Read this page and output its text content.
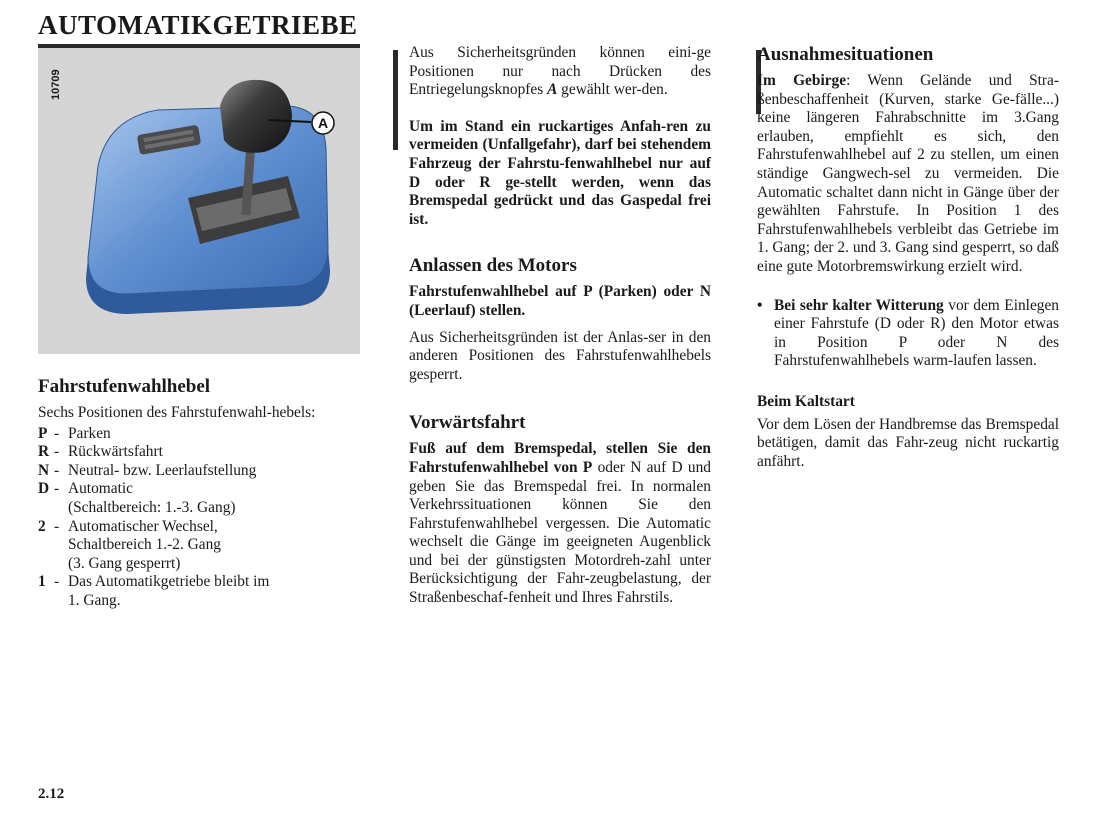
AUTOMATIKGETRIEBE
A
10709

Fahrstufenwahlhebel

Sechs Positionen des Fahrstufenwahl-hebels:

P - Parken
R - Rückwärtsfahrt
N - Neutral- bzw. Leerlaufstellung
D - Automatic
(Schaltbereich: 1.-3. Gang)
2 - Automatischer Wechsel,
Schaltbereich 1.-2. Gang
(3. Gang gesperrt)
1 - Das Automatikgetriebe bleibt im
1. Gang.

Aus Sicherheitsgründen können eini-ge Positionen nur nach Drücken des Entriegelungsknopfes A gewählt wer-den.

Um im Stand ein ruckartiges Anfah-ren zu vermeiden (Unfallgefahr), darf bei stehendem Fahrzeug der Fahrstu-fenwahlhebel nur auf D oder R ge-stellt werden, wenn das Bremspedal gedrückt und das Gaspedal frei ist.

Anlassen des Motors

Fahrstufenwahlhebel auf P (Parken) oder N (Leerlauf) stellen.

Aus Sicherheitsgründen ist der Anlas-ser in den anderen Positionen des Fahrstufenwahlhebels gesperrt.

Vorwärtsfahrt

Fuß auf dem Bremspedal, stellen Sie den Fahrstufenwahlhebel von P oder N auf D und geben Sie das Bremspedal frei. In normalen Verkehrssituationen können Sie den Fahrstufenwahlhebel vergessen. Die Automatic wechselt die Gänge im geeigneten Augenblick und bei der günstigsten Motordreh-zahl unter Berücksichtigung der Fahr-zeugbelastung, der Straßenbeschaf-fenheit und Ihres Fahrstils.

Ausnahmesituationen

Im Gebirge: Wenn Gelände und Stra-ßenbeschaffenheit (Kurven, starke Ge-fälle...) keine längeren Fahrabschnitte im 3.Gang erlauben, empfiehlt es sich, den Fahrstufenwahlhebel auf 2 zu stellen, um einen ständige Gangwech-sel zu vermeiden. Die Automatic schaltet dann nicht in Gänge über der gewählten Fahrstufe. In Position 1 des Fahrstufenwahlhebels verbleibt das Getriebe im 1. Gang; der 2. und 3. Gang sind gesperrt, so daß eine gute Motorbremswirkung erzielt wird.

• Bei sehr kalter Witterung vor dem Einlegen einer Fahrstufe (D oder R) den Motor etwas in Position P oder N des Fahrstufenwahlhebels warm-laufen lassen.

Beim Kaltstart

Vor dem Lösen der Handbremse das Bremspedal betätigen, damit das Fahr-zeug nicht ruckartig anfährt.

2.12
